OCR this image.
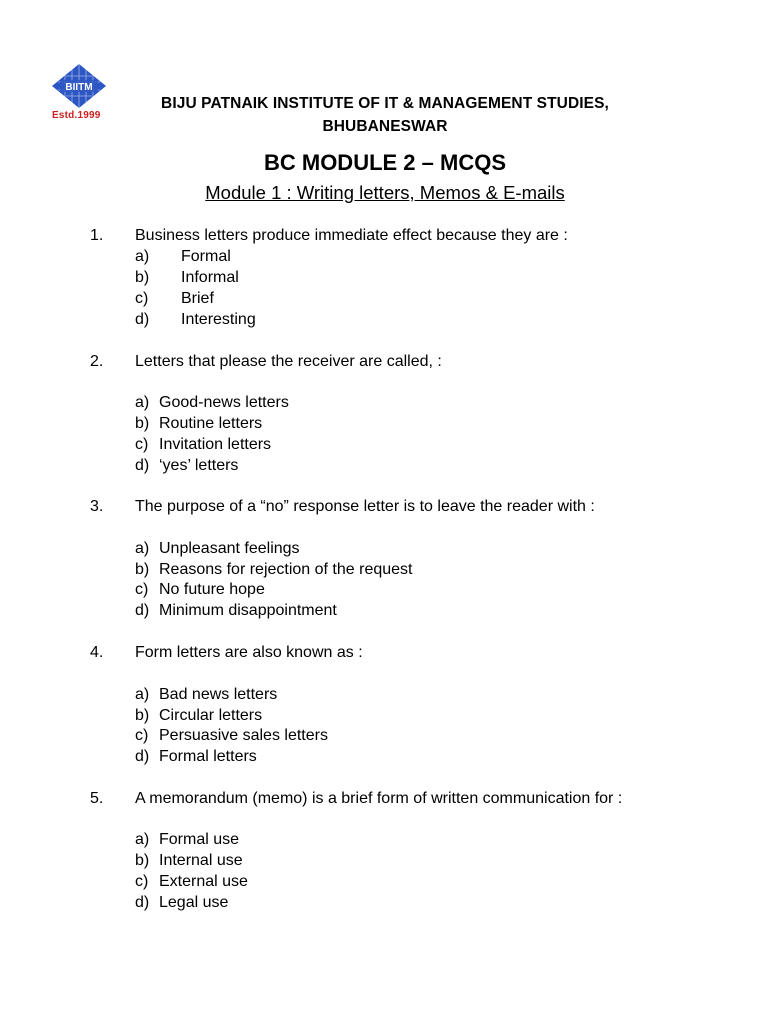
BIITM
Estd.1999
BIJU PATNAIK INSTITUTE OF IT & MANAGEMENT STUDIES,
BHUBANESWAR
BC MODULE 2 – MCQS
Module 1 : Writing letters, Memos & E-mails
1. Business letters produce immediate effect because they are :
a) Formal
b) Informal
c) Brief
d) Interesting
2. Letters that please the receiver are called, :
a) Good-news letters
b) Routine letters
c) Invitation letters
d) ‘yes’ letters
3. The purpose of a “no” response letter is to leave the reader with :
a) Unpleasant feelings
b) Reasons for rejection of the request
c) No future hope
d) Minimum disappointment
4. Form letters are also known as :
a) Bad news letters
b) Circular letters
c) Persuasive sales letters
d) Formal letters
5. A memorandum (memo) is a brief form of written communication for :
a) Formal use
b) Internal use
c) External use
d) Legal use
